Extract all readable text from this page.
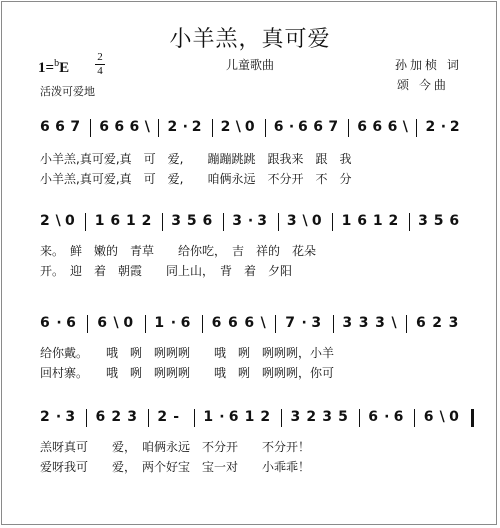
小羊羔，真可爱
儿童歌曲
1=$^b$E
2
4	孙加桢 词
颂 今曲
活泼可爱地
6 6 7 6 6 6 \ 2 · 2 2 \ 0 6 · 6 6 7 6 6 6 \ 2 · 2
小羊羔,真可爱,真　可　爱,　　蹦蹦跳跳　跟我来　跟　我
小羊羔,真可爱,真　可　爱,　　咱俩永远　不分开　不　分
2 \ 0 1 6 1 2 3 5 6 3 · 3 3 \ 0 1 6 1 2 3 5 6
来。　鲜　嫩的　青草　　给你吃，　吉　祥的　花朵
开。　迎　着　朝霞　　同上山，　背　着　夕阳
6 · 6 6 \ 0 1 · 6 6 6 6 \ 7 · 3 3 3 3 \ 6 2 3
给你戴。　　哦　咧　咧咧咧　　哦　咧　咧咧咧，小羊
回村寨。　　哦　咧　咧咧咧　　哦　咧　咧咧咧，你可
2 · 3 6 2 3 2 - 1 · 6 1 2 3 2 3 5 6 · 6 6 \ 0
羔呀真可　　爱，　咱俩永远　不分开　　不分开！
爱呀我可　　爱，　两个好宝　宝一对　　小乖乖！
